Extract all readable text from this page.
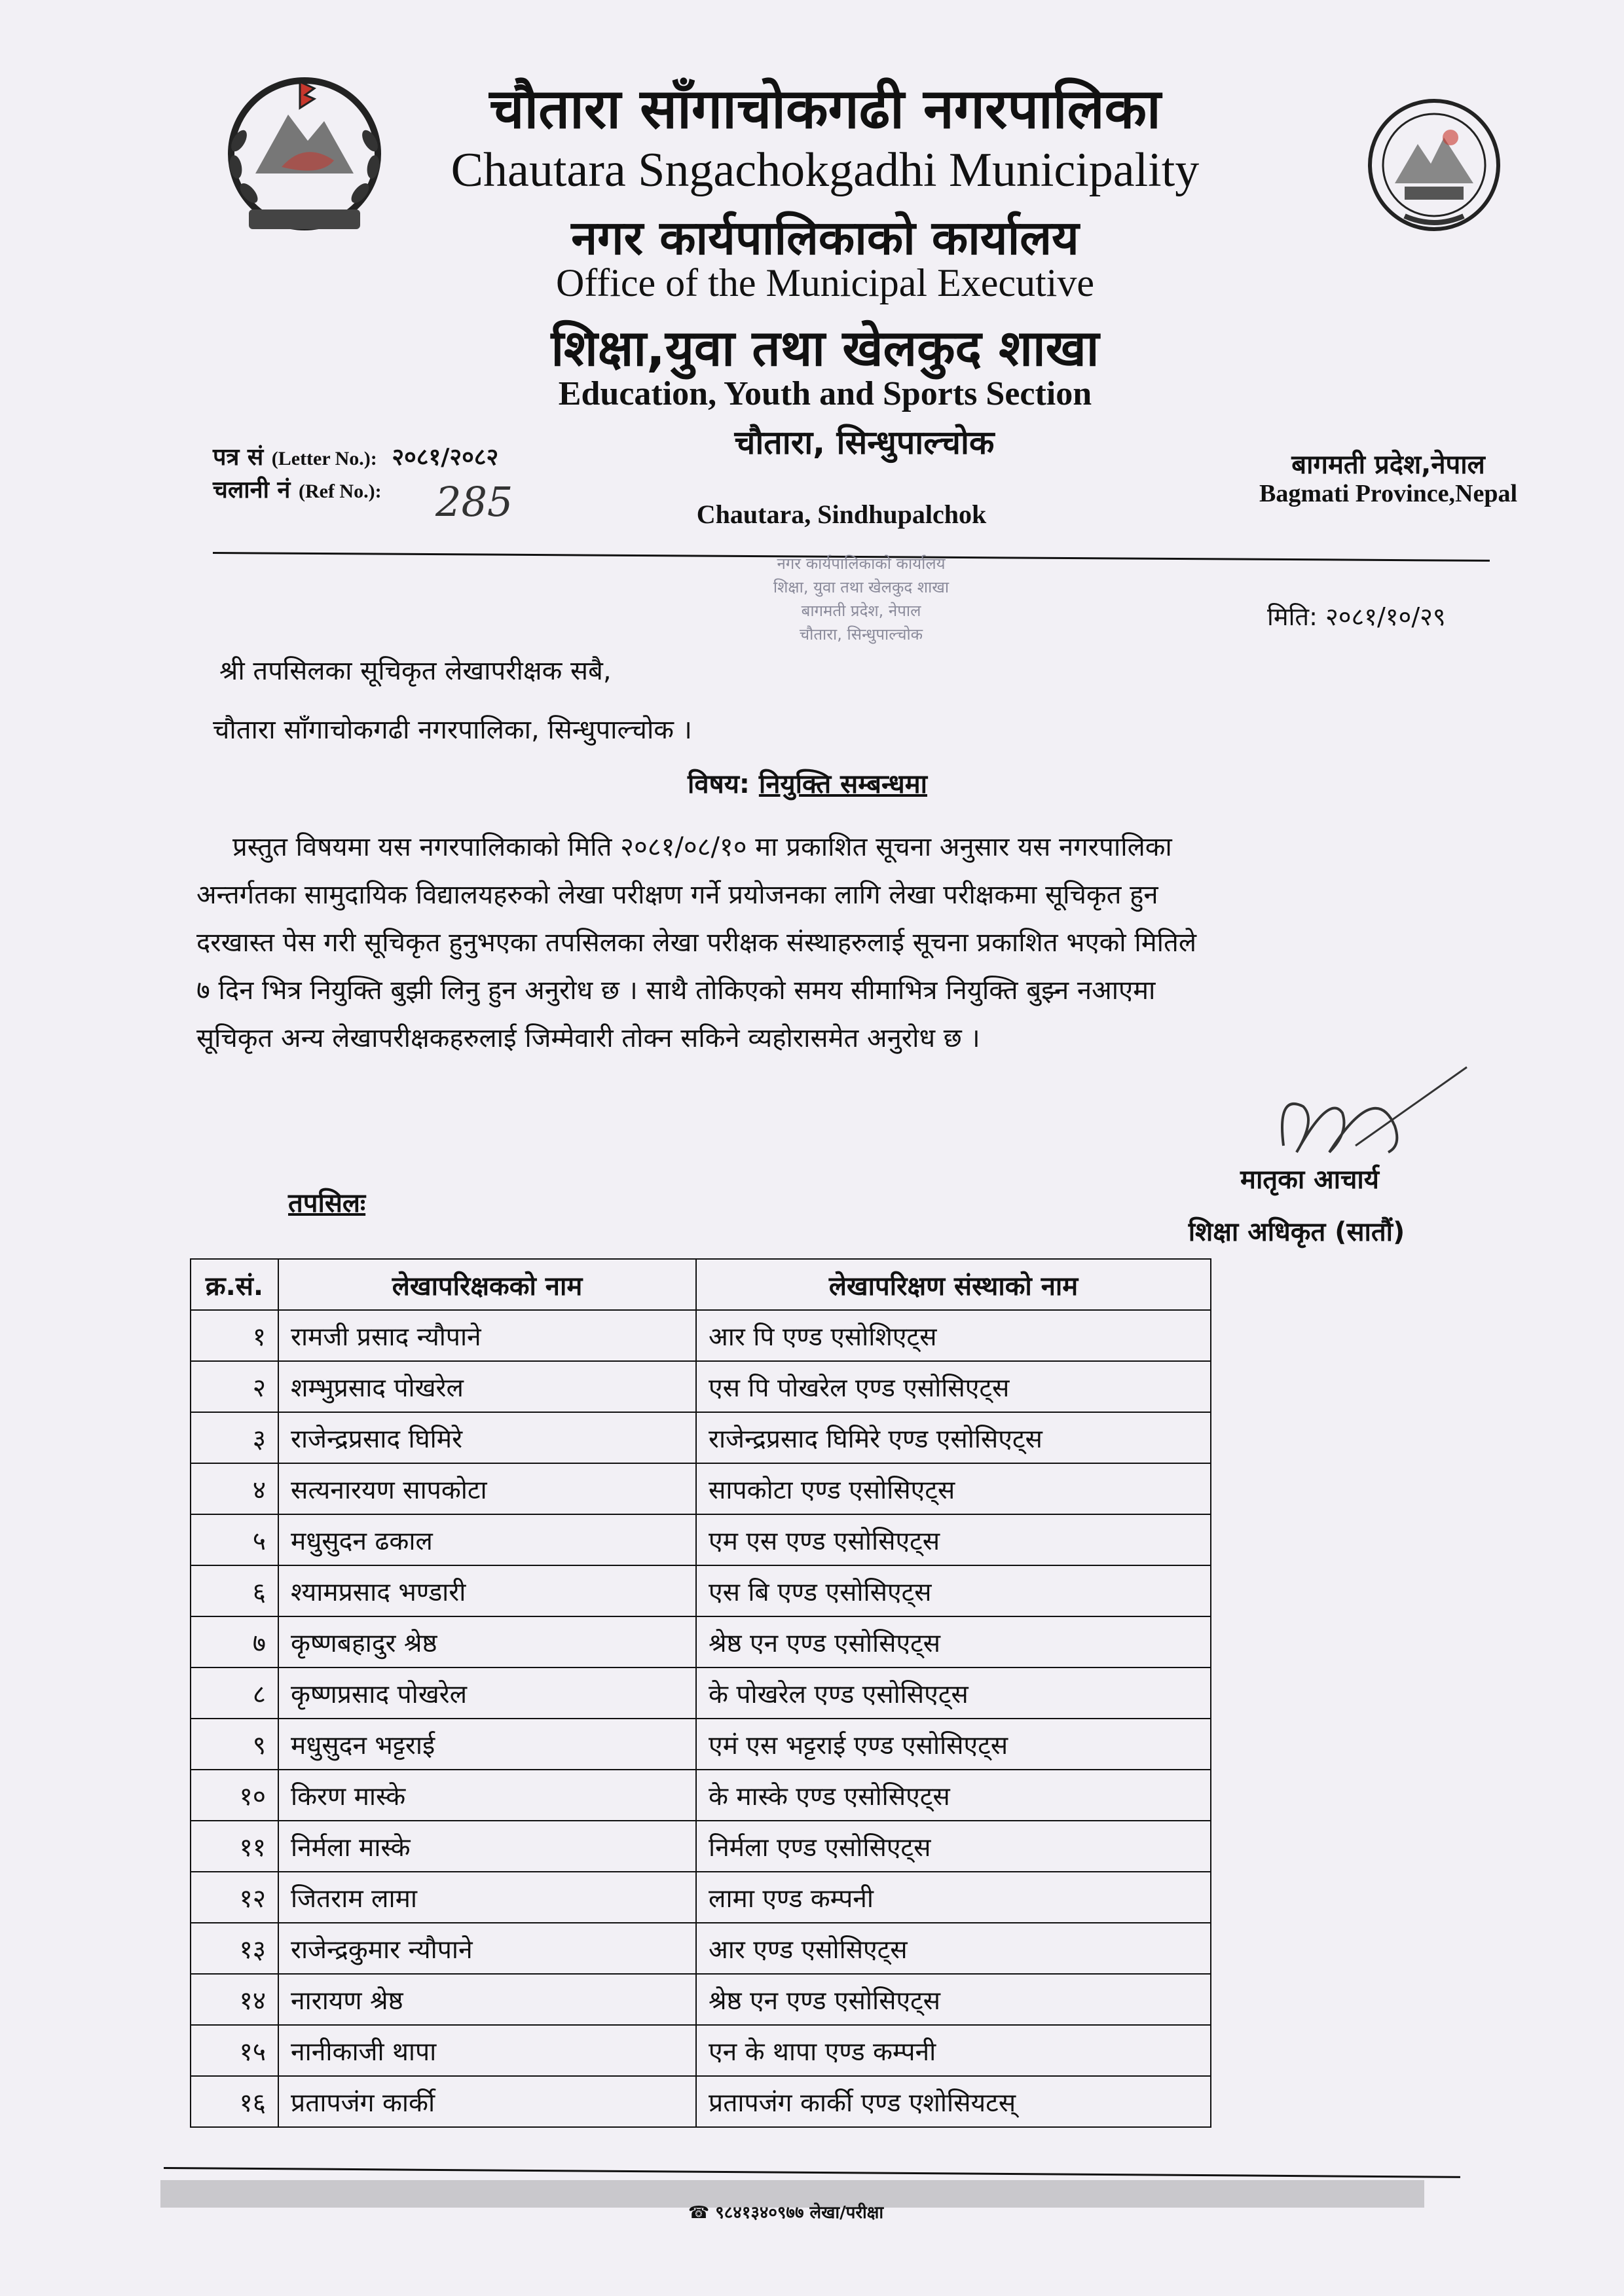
चौतारा साँगाचोकगढी नगरपालिका
Chautara Sngachokgadhi Municipality
नगर कार्यपालिकाको कार्यालय
Office of the Municipal Executive
शिक्षा,युवा तथा खेलकुद शाखा
Education, Youth and Sports Section
चौतारा, सिन्धुपाल्चोक
Chautara, Sindhupalchok
पत्र सं (Letter No.): २०८१/२०८२
चलानी नं (Ref No.): 285
बागमती प्रदेश,नेपाल
Bagmati Province,Nepal
नगर कार्यपालिकाको कार्यालय
शिक्षा, युवा तथा खेलकुद शाखा
बागमती प्रदेश, नेपाल
चौतारा, सिन्धुपाल्चोक
मिति: २०८१/१०/२९
श्री तपसिलका सूचिकृत लेखापरीक्षक सबै,
चौतारा साँगाचोकगढी नगरपालिका, सिन्धुपाल्चोक ।
विषय: नियुक्ति सम्बन्धमा

प्रस्तुत विषयमा यस नगरपालिकाको मिति २०८१/०८/१० मा प्रकाशित सूचना अनुसार यस नगरपालिका

अन्तर्गतका सामुदायिक विद्यालयहरुको लेखा परीक्षण गर्ने प्रयोजनका लागि लेखा परीक्षकमा सूचिकृत हुन

दरखास्त पेस गरी सूचिकृत हुनुभएका तपसिलका लेखा परीक्षक संस्थाहरुलाई सूचना प्रकाशित भएको मितिले

७ दिन भित्र नियुक्ति बुझी लिनु हुन अनुरोध छ । साथै तोकिएको समय सीमाभित्र नियुक्ति बुझ्न नआएमा

सूचिकृत अन्य लेखापरीक्षकहरुलाई जिम्मेवारी तोक्न सकिने व्यहोरासमेत अनुरोध छ ।

मातृका आचार्य
शिक्षा अधिकृत (सातौं)
तपसिलः
क्र.सं.	लेखापरिक्षकको नाम	लेखापरिक्षण संस्थाको नाम
१	रामजी प्रसाद न्यौपाने	आर पि एण्ड एसोशिएट्स
२	शम्भुप्रसाद पोखरेल	एस पि पोखरेल एण्ड एसोसिएट्स
३	राजेन्द्रप्रसाद घिमिरे	राजेन्द्रप्रसाद घिमिरे एण्ड एसोसिएट्स
४	सत्यनारयण सापकोटा	सापकोटा एण्ड एसोसिएट्स
५	मधुसुदन ढकाल	एम एस एण्ड एसोसिएट्स
६	श्यामप्रसाद भण्डारी	एस बि एण्ड एसोसिएट्स
७	कृष्णबहादुर श्रेष्ठ	श्रेष्ठ एन एण्ड एसोसिएट्स
८	कृष्णप्रसाद पोखरेल	के पोखरेल एण्ड एसोसिएट्स
९	मधुसुदन भट्टराई	एमं एस भट्टराई एण्ड एसोसिएट्स
१०	किरण मास्के	के मास्के एण्ड एसोसिएट्स
११	निर्मला मास्के	निर्मला एण्ड एसोसिएट्स
१२	जितराम लामा	लामा एण्ड कम्पनी
१३	राजेन्द्रकुमार न्यौपाने	आर एण्ड एसोसिएट्स
१४	नारायण श्रेष्ठ	श्रेष्ठ एन एण्ड एसोसिएट्स
१५	नानीकाजी थापा	एन के थापा एण्ड कम्पनी
१६	प्रतापजंग कार्की	प्रतापजंग कार्की एण्ड एशोसियटस्
☎ ९८४१३४०९७७ लेखा/परीक्षा
